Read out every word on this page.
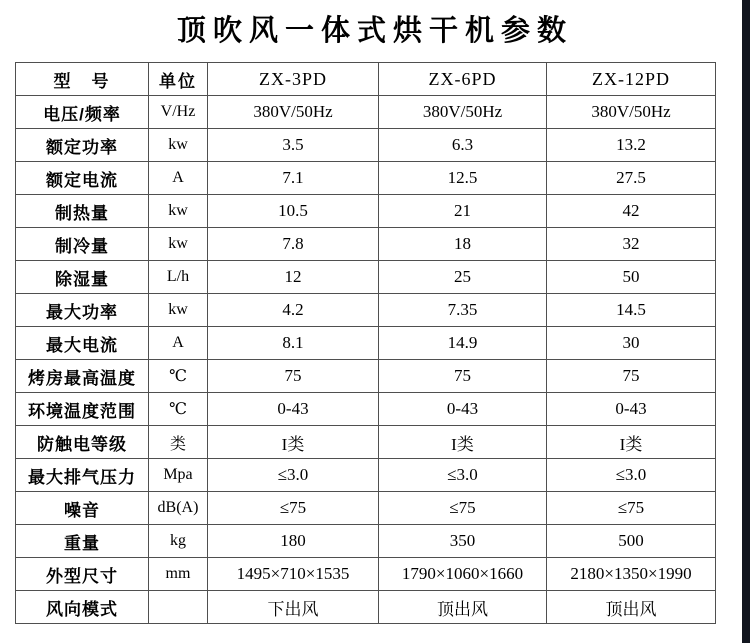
顶吹风一体式烘干机参数
型　号	单位	ZX-3PD	ZX-6PD	ZX-12PD
电压/频率	V/Hz	380V/50Hz	380V/50Hz	380V/50Hz
额定功率	kw	3.5	6.3	13.2
额定电流	A	7.1	12.5	27.5
制热量	kw	10.5	21	42
制冷量	kw	7.8	18	32
除湿量	L/h	12	25	50
最大功率	kw	4.2	7.35	14.5
最大电流	A	8.1	14.9	30
烤房最高温度	℃	75	75	75
环境温度范围	℃	0-43	0-43	0-43
防触电等级	类	I类	I类	I类
最大排气压力	Mpa	≤3.0	≤3.0	≤3.0
噪音	dB(A)	≤75	≤75	≤75
重量	kg	180	350	500
外型尺寸	mm	1495×710×1535	1790×1060×1660	2180×1350×1990
风向模式		下出风	顶出风	顶出风
